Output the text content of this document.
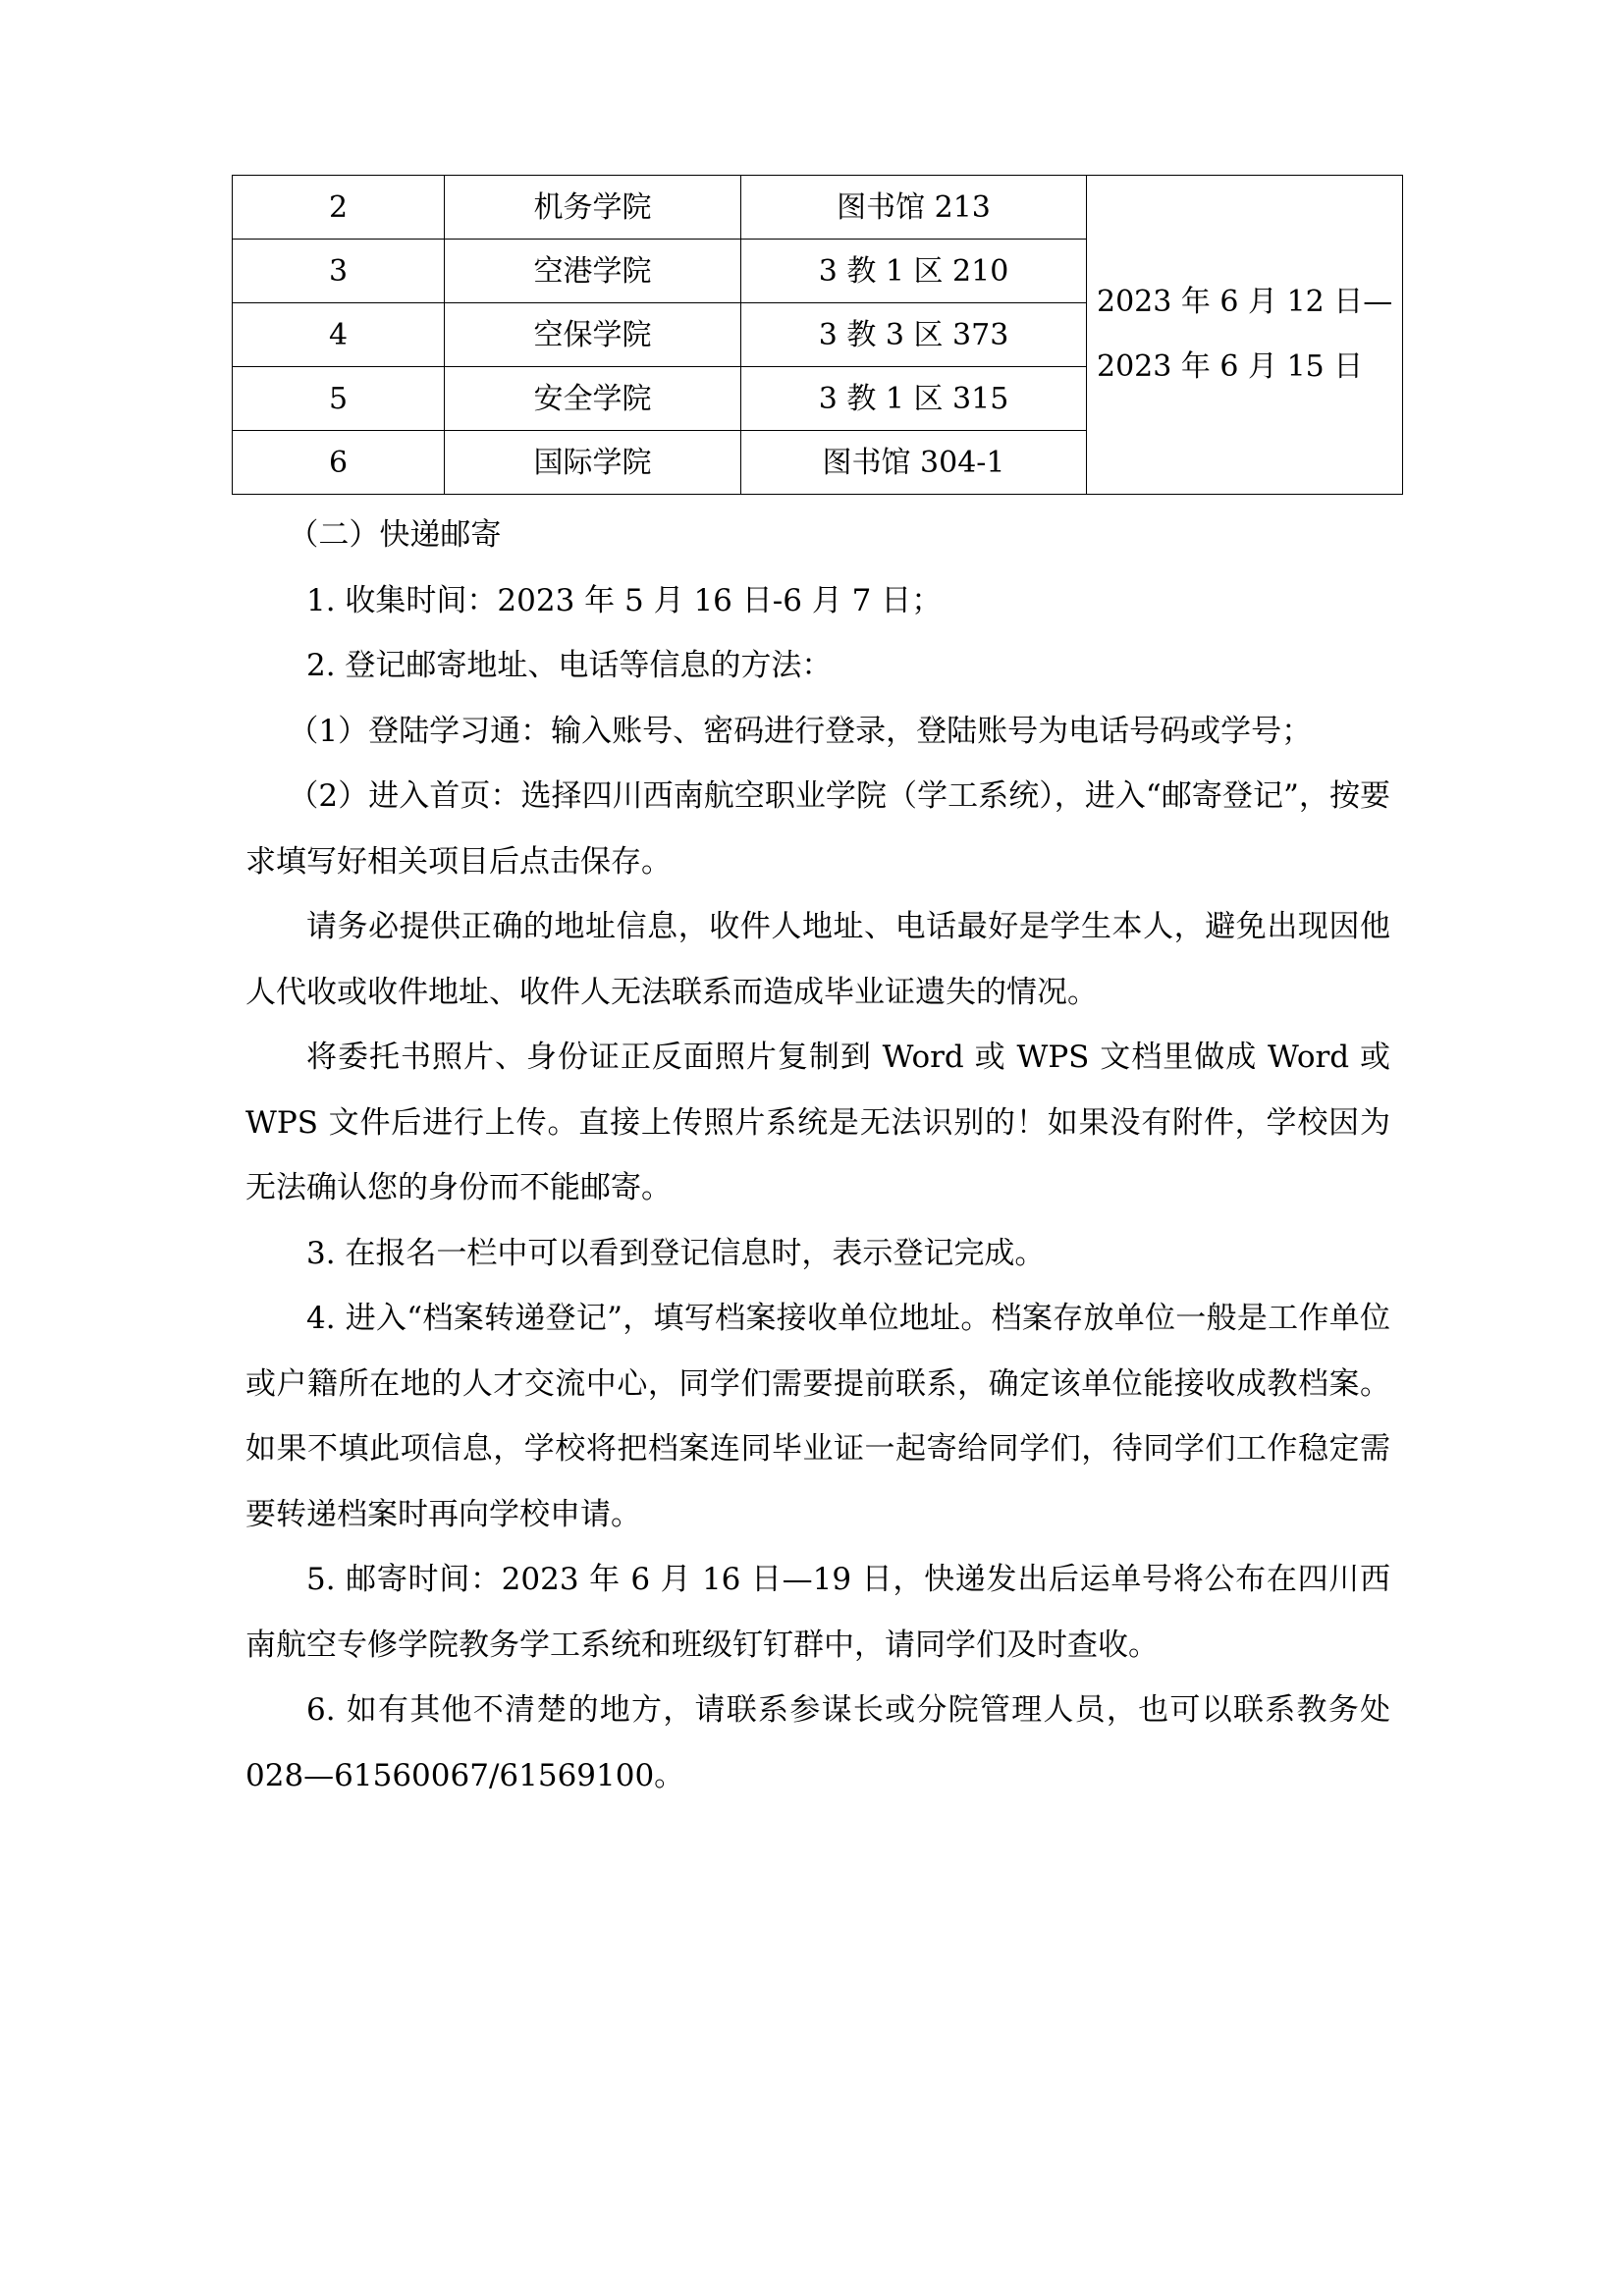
2	机务学院	图书馆 213	2023 年 6 月 12 日—
2023 年 6 月 15 日

3	空港学院	3 教 1 区 210	
4	空保学院	3 教 3 区 373	
5	安全学院	3 教 1 区 315	
6	国际学院	图书馆 304-1	

（二）快递邮寄

1. 收集时间：2023 年 5 月 16 日-6 月 7 日；

2. 登记邮寄地址、电话等信息的方法：

（1）登陆学习通：输入账号、密码进行登录，登陆账号为电话号码或学号；

（2）进入首页：选择四川西南航空职业学院（学工系统），进入“邮寄登记”，按要求填写好相关项目后点击保存。

请务必提供正确的地址信息，收件人地址、电话最好是学生本人，避免出现因他人代收或收件地址、收件人无法联系而造成毕业证遗失的情况。

将委托书照片、身份证正反面照片复制到 Word 或 WPS 文档里做成 Word 或 WPS 文件后进行上传。直接上传照片系统是无法识别的！如果没有附件，学校因为无法确认您的身份而不能邮寄。

3. 在报名一栏中可以看到登记信息时，表示登记完成。

4. 进入“档案转递登记”，填写档案接收单位地址。档案存放单位一般是工作单位或户籍所在地的人才交流中心，同学们需要提前联系，确定该单位能接收成教档案。如果不填此项信息，学校将把档案连同毕业证一起寄给同学们，待同学们工作稳定需要转递档案时再向学校申请。

5. 邮寄时间：2023 年 6 月 16 日—19 日，快递发出后运单号将公布在四川西南航空专修学院教务学工系统和班级钉钉群中，请同学们及时查收。

6. 如有其他不清楚的地方，请联系参谋长或分院管理人员，也可以联系教务处 028—61560067/61569100。
